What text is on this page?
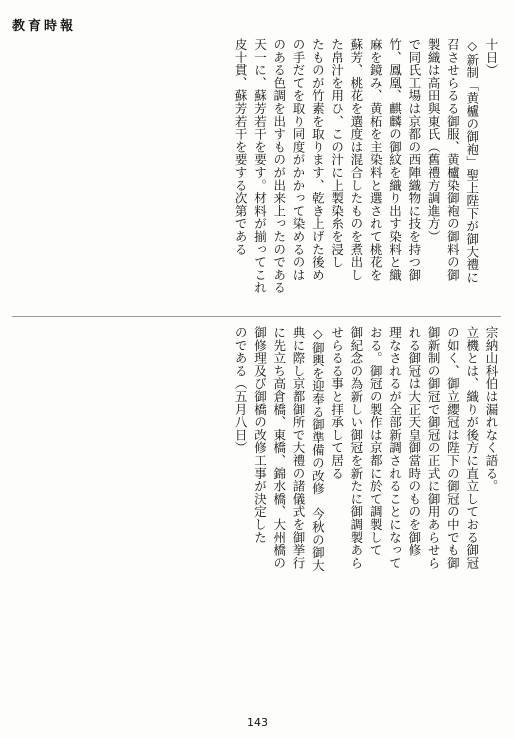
教育時報
十日）
◇新制「黄櫨の御袍」聖上陛下が御大禮に
召させらるる御服、黄櫨染御袍の御料の御
製織は高田與東氏（舊禮方調進方）
で同氏工場は京都の西陣織物に技を持つ御
竹、鳳凰、麒麟の御紋を織り出す染料と織
麻を鏡み、黄柘を主染料と選されて桃花を
蘇芳、桃花を選度は混合したものを煮出し
た帛汁を用ひ、この汁に上製染糸を浸し
たものが竹素を取ります、乾き上げた後め
の手だてを取り同度がかかって染めるのは
のある色調を出すものが出来上ったのである
天一に、蘇芳若干を要す。材料が揃ってこれ
皮十貫、蘇芳若干を要する次第である
宗納山科伯は漏れなく語る。
立機とは、織りが後方に直立しておる御冠
の如く、御立纓冠は陛下の御冠の中でも御
御新制の御冠で御冠の正式に御用あらせら
れる御冠は大正天皇御當時のものを御修
理なされるが全部新調されることになって
おる。御冠の製作は京都に於て調製して
御紀念の為新しい御冠を新たに御調製あら
せらるる事と拝承して居る
◇御輿を迎奉る御準備の改修　今秋の御大
典に際し京都御所で大禮の諸儀式を御挙行
に先立ち高倉橋、東橋、錦水橋、大州橋の
御修理及び御橋の改修工事が決定した
のである（五月八日）
143
